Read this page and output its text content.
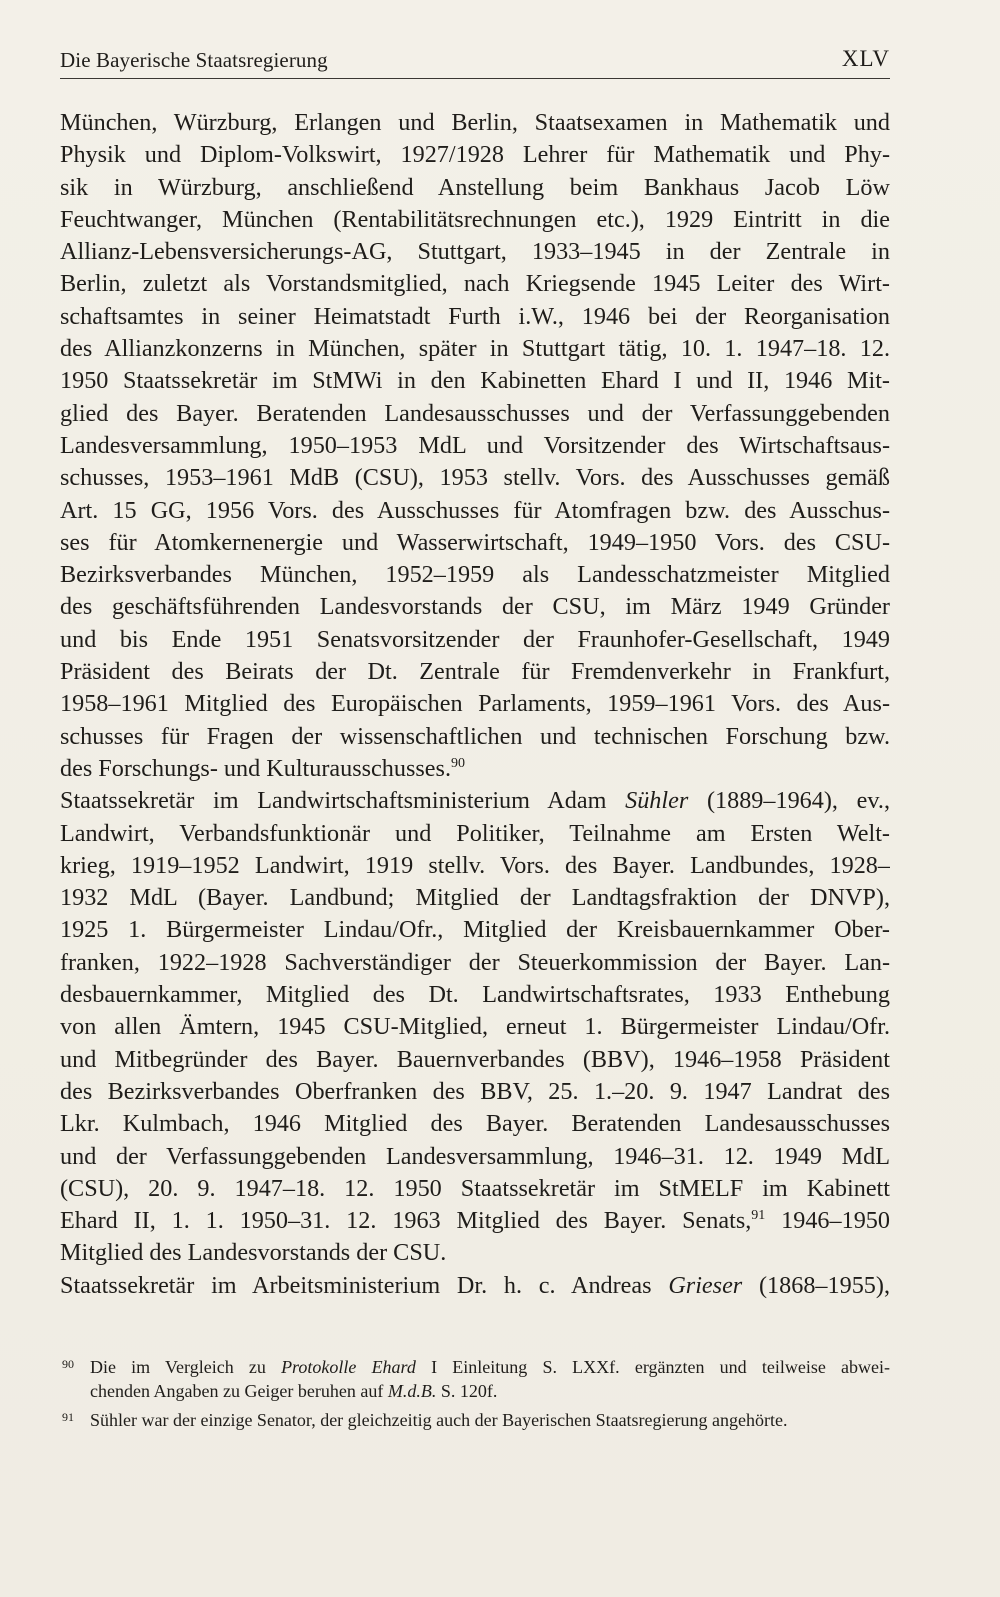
Die Bayerische Staatsregierung	XLV
München, Würzburg, Erlangen und Berlin, Staatsexamen in Mathematik und
Physik und Diplom-Volkswirt, 1927/1928 Lehrer für Mathematik und Phy-
sik in Würzburg, anschließend Anstellung beim Bankhaus Jacob Löw
Feuchtwanger, München (Rentabilitätsrechnungen etc.), 1929 Eintritt in die
Allianz-Lebensversicherungs-AG, Stuttgart, 1933–1945 in der Zentrale in
Berlin, zuletzt als Vorstandsmitglied, nach Kriegsende 1945 Leiter des Wirt-
schaftsamtes in seiner Heimatstadt Furth i.W., 1946 bei der Reorganisation
des Allianzkonzerns in München, später in Stuttgart tätig, 10. 1. 1947–18. 12.
1950 Staatssekretär im StMWi in den Kabinetten Ehard I und II, 1946 Mit-
glied des Bayer. Beratenden Landesausschusses und der Verfassunggebenden
Landesversammlung, 1950–1953 MdL und Vorsitzender des Wirtschaftsaus-
schusses, 1953–1961 MdB (CSU), 1953 stellv. Vors. des Ausschusses gemäß
Art. 15 GG, 1956 Vors. des Ausschusses für Atomfragen bzw. des Ausschus-
ses für Atomkernenergie und Wasserwirtschaft, 1949–1950 Vors. des CSU-
Bezirksverbandes München, 1952–1959 als Landesschatzmeister Mitglied
des geschäftsführenden Landesvorstands der CSU, im März 1949 Gründer
und bis Ende 1951 Senatsvorsitzender der Fraunhofer-Gesellschaft, 1949
Präsident des Beirats der Dt. Zentrale für Fremdenverkehr in Frankfurt,
1958–1961 Mitglied des Europäischen Parlaments, 1959–1961 Vors. des Aus-
schusses für Fragen der wissenschaftlichen und technischen Forschung bzw.
des Forschungs- und Kulturausschusses.$^{90}$
Staatssekretär im Landwirtschaftsministerium Adam Sühler (1889–1964), ev.,
Landwirt, Verbandsfunktionär und Politiker, Teilnahme am Ersten Welt-
krieg, 1919–1952 Landwirt, 1919 stellv. Vors. des Bayer. Landbundes, 1928–
1932 MdL (Bayer. Landbund; Mitglied der Landtagsfraktion der DNVP),
1925 1. Bürgermeister Lindau/Ofr., Mitglied der Kreisbauernkammer Ober-
franken, 1922–1928 Sachverständiger der Steuerkommission der Bayer. Lan-
desbauernkammer, Mitglied des Dt. Landwirtschaftsrates, 1933 Enthebung
von allen Ämtern, 1945 CSU-Mitglied, erneut 1. Bürgermeister Lindau/Ofr.
und Mitbegründer des Bayer. Bauernverbandes (BBV), 1946–1958 Präsident
des Bezirksverbandes Oberfranken des BBV, 25. 1.–20. 9. 1947 Landrat des
Lkr. Kulmbach, 1946 Mitglied des Bayer. Beratenden Landesausschusses
und der Verfassunggebenden Landesversammlung, 1946–31. 12. 1949 MdL
(CSU), 20. 9. 1947–18. 12. 1950 Staatssekretär im StMELF im Kabinett
Ehard II, 1. 1. 1950–31. 12. 1963 Mitglied des Bayer. Senats,$^{91}$ 1946–1950
Mitglied des Landesvorstands der CSU.
Staatssekretär im Arbeitsministerium Dr. h. c. Andreas Grieser (1868–1955),
90 Die im Vergleich zu Protokolle Ehard I Einleitung S. LXXf. ergänzten und teilweise abwei-
chenden Angaben zu Geiger beruhen auf M.d.B. S. 120f.
91 Sühler war der einzige Senator, der gleichzeitig auch der Bayerischen Staatsregierung angehörte.
